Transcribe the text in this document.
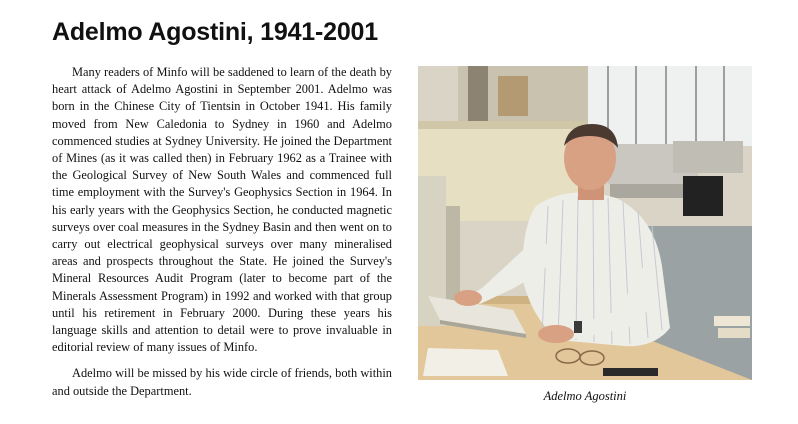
Adelmo Agostini, 1941-2001

Many readers of Minfo will be saddened to learn of the death by heart attack of Adelmo Agostini in September 2001. Adelmo was born in the Chinese City of Tientsin in October 1941. His family moved from New Caledonia to Sydney in 1960 and Adelmo commenced studies at Sydney University. He joined the Department of Mines (as it was called then) in February 1962 as a Trainee with the Geological Survey of New South Wales and commenced full time employment with the Survey's Geophysics Section in 1964. In his early years with the Geophysics Section, he conducted magnetic surveys over coal measures in the Sydney Basin and then went on to carry out electrical geophysical surveys over many mineralised areas and prospects throughout the State. He joined the Survey's Mineral Resources Audit Program (later to become part of the Minerals Assessment Program) in 1992 and worked with that group until his retirement in February 2000. During these years his language skills and attention to detail were to prove invaluable in editorial review of many issues of Minfo.

Adelmo will be missed by his wide circle of friends, both within and outside the Department.	Adelmo Agostini
